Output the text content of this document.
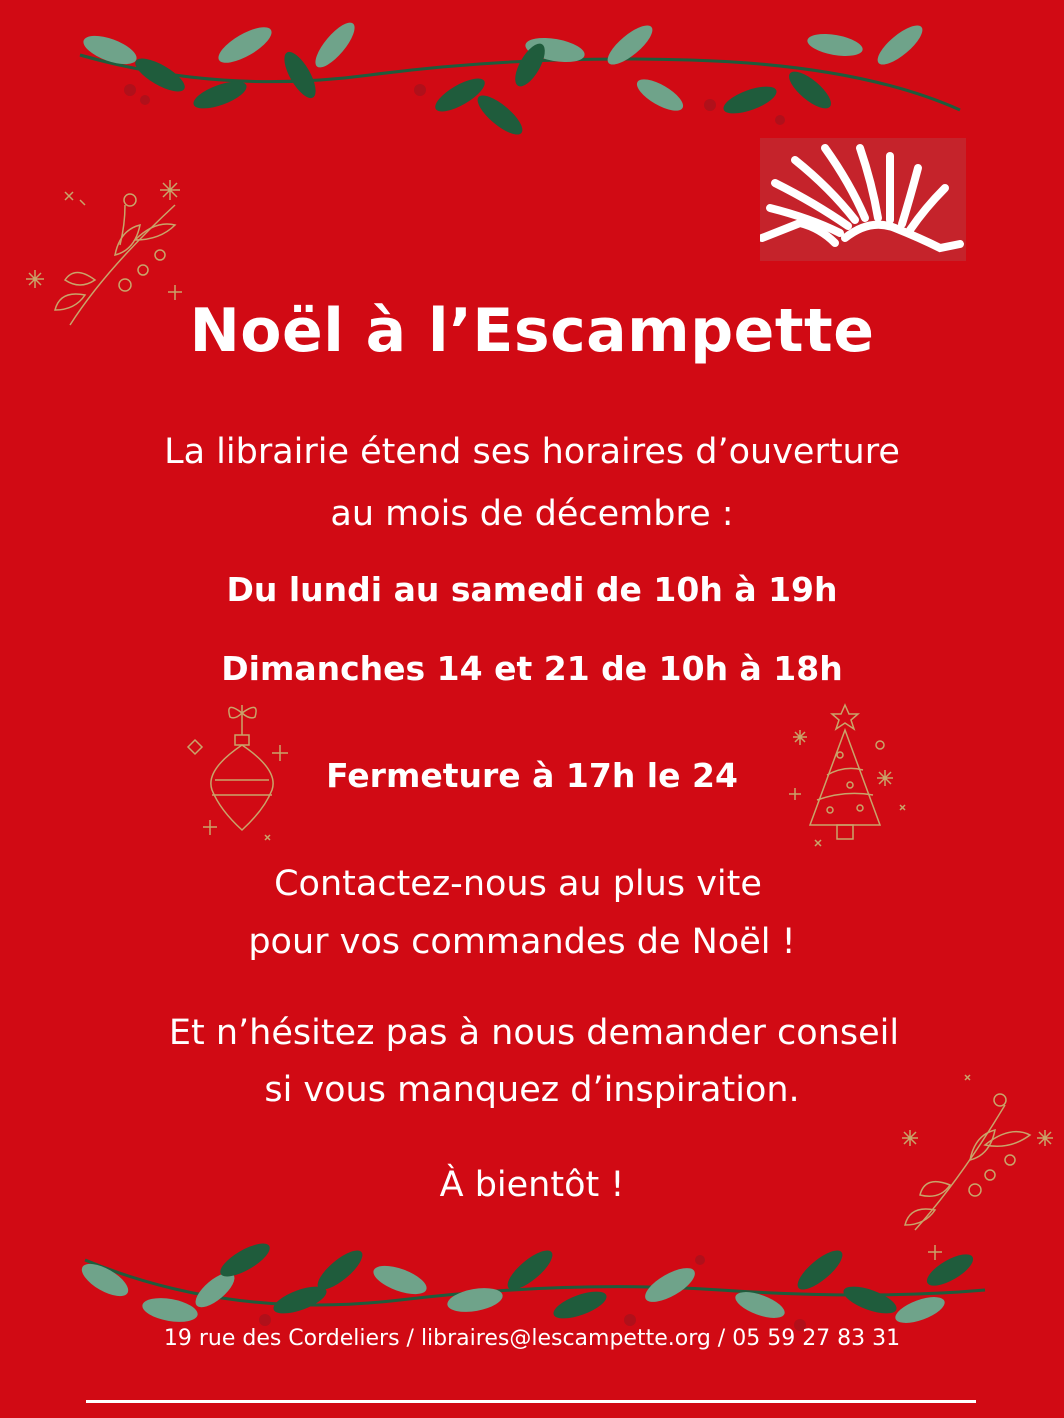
Noël à l’Escampette
La librairie étend ses horaires d’ouverture
au mois de décembre :
Du lundi au samedi de 10h à 19h
Dimanches 14 et 21 de 10h à 18h
Fermeture à 17h le 24
Contactez-nous au plus vite
pour vos commandes de Noël !
Et n’hésitez pas à nous demander conseil
si vous manquez d’inspiration.
À bientôt !
19 rue des Cordeliers / libraires@lescampette.org / 05 59 27 83 31
